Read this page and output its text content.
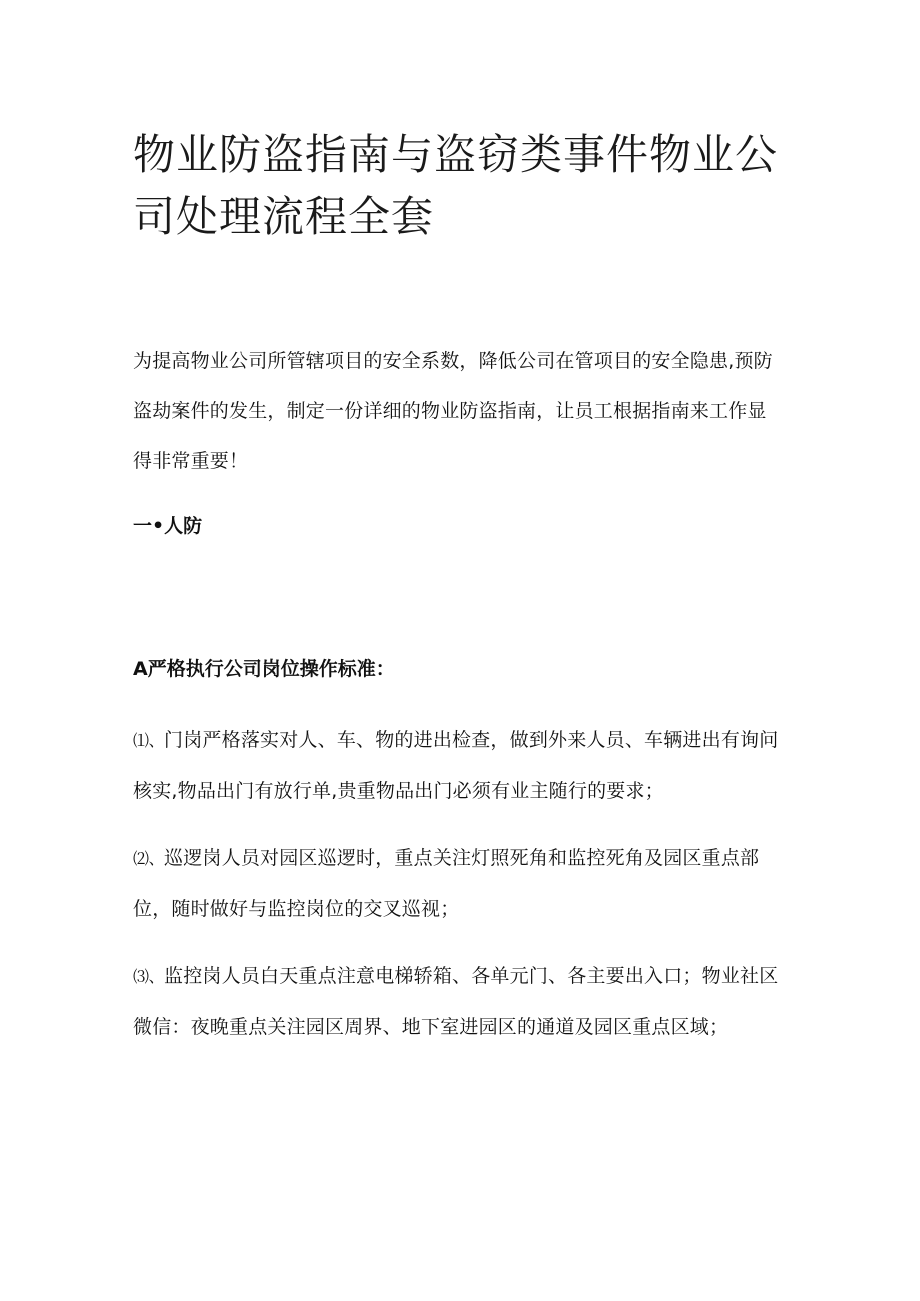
物业防盗指南与盗窃类事件物业公司处理流程全套

为提高物业公司所管辖项目的安全系数，降低公司在管项目的安全隐患,预防盗劫案件的发生，制定一份详细的物业防盗指南，让员工根据指南来工作显得非常重要！

一•人防

A严格执行公司岗位操作标准：

⑴、门岗严格落实对人、车、物的进出检查，做到外来人员、车辆进出有询问核实,物品出门有放行单,贵重物品出门必须有业主随行的要求；

⑵、巡逻岗人员对园区巡逻时，重点关注灯照死角和监控死角及园区重点部位，随时做好与监控岗位的交叉巡视；

⑶、监控岗人员白天重点注意电梯轿箱、各单元门、各主要出入口；物业社区微信：夜晚重点关注园区周界、地下室进园区的通道及园区重点区域；
